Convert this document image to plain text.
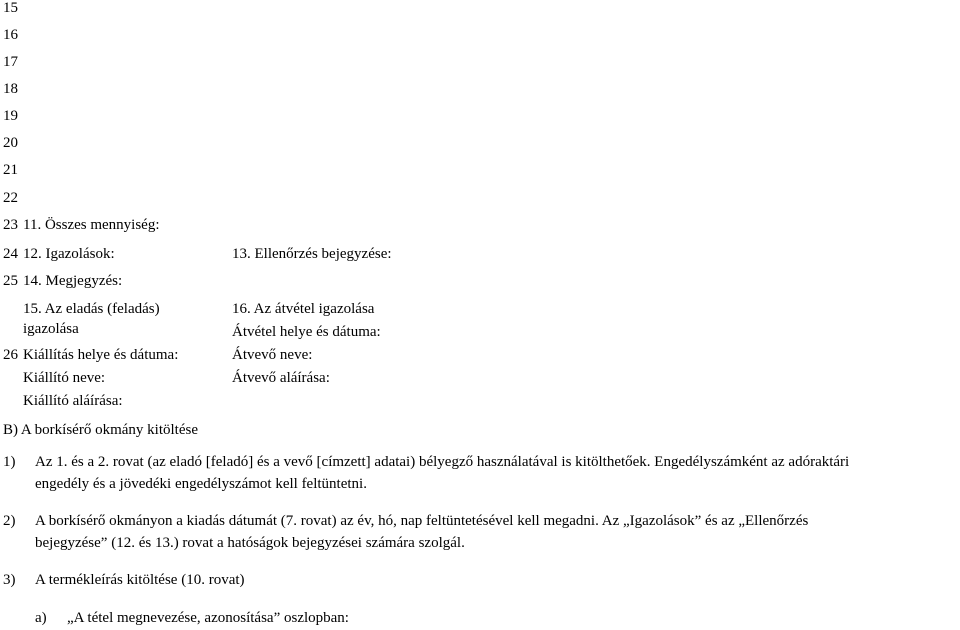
15
16
17
18
19
20
21
22
23
24
25
26
11. Összes mennyiség:
12. Igazolások:	13. Ellenőrzés bejegyzése:
14. Megjegyzés:
15. Az eladás (feladás)
igazolása
Kiállítás helye és dátuma:
Kiállító neve:
Kiállító aláírása:
16. Az átvétel igazolása
Átvétel helye és dátuma:
Átvevő neve:
Átvevő aláírása:
B) A borkísérő okmány kitöltése
1) Az 1. és a 2. rovat (az eladó [feladó] és a vevő [címzett] adatai) bélyegző használatával is kitölthetőek. Engedélyszámként az adóraktári
engedély és a jövedéki engedélyszámot kell feltüntetni.
2) A borkísérő okmányon a kiadás dátumát (7. rovat) az év, hó, nap feltüntetésével kell megadni. Az „Igazolások” és az „Ellenőrzés
bejegyzése” (12. és 13.) rovat a hatóságok bejegyzései számára szolgál.
3) A termékleírás kitöltése (10. rovat)
a) „A tétel megnevezése, azonosítása” oszlopban:
